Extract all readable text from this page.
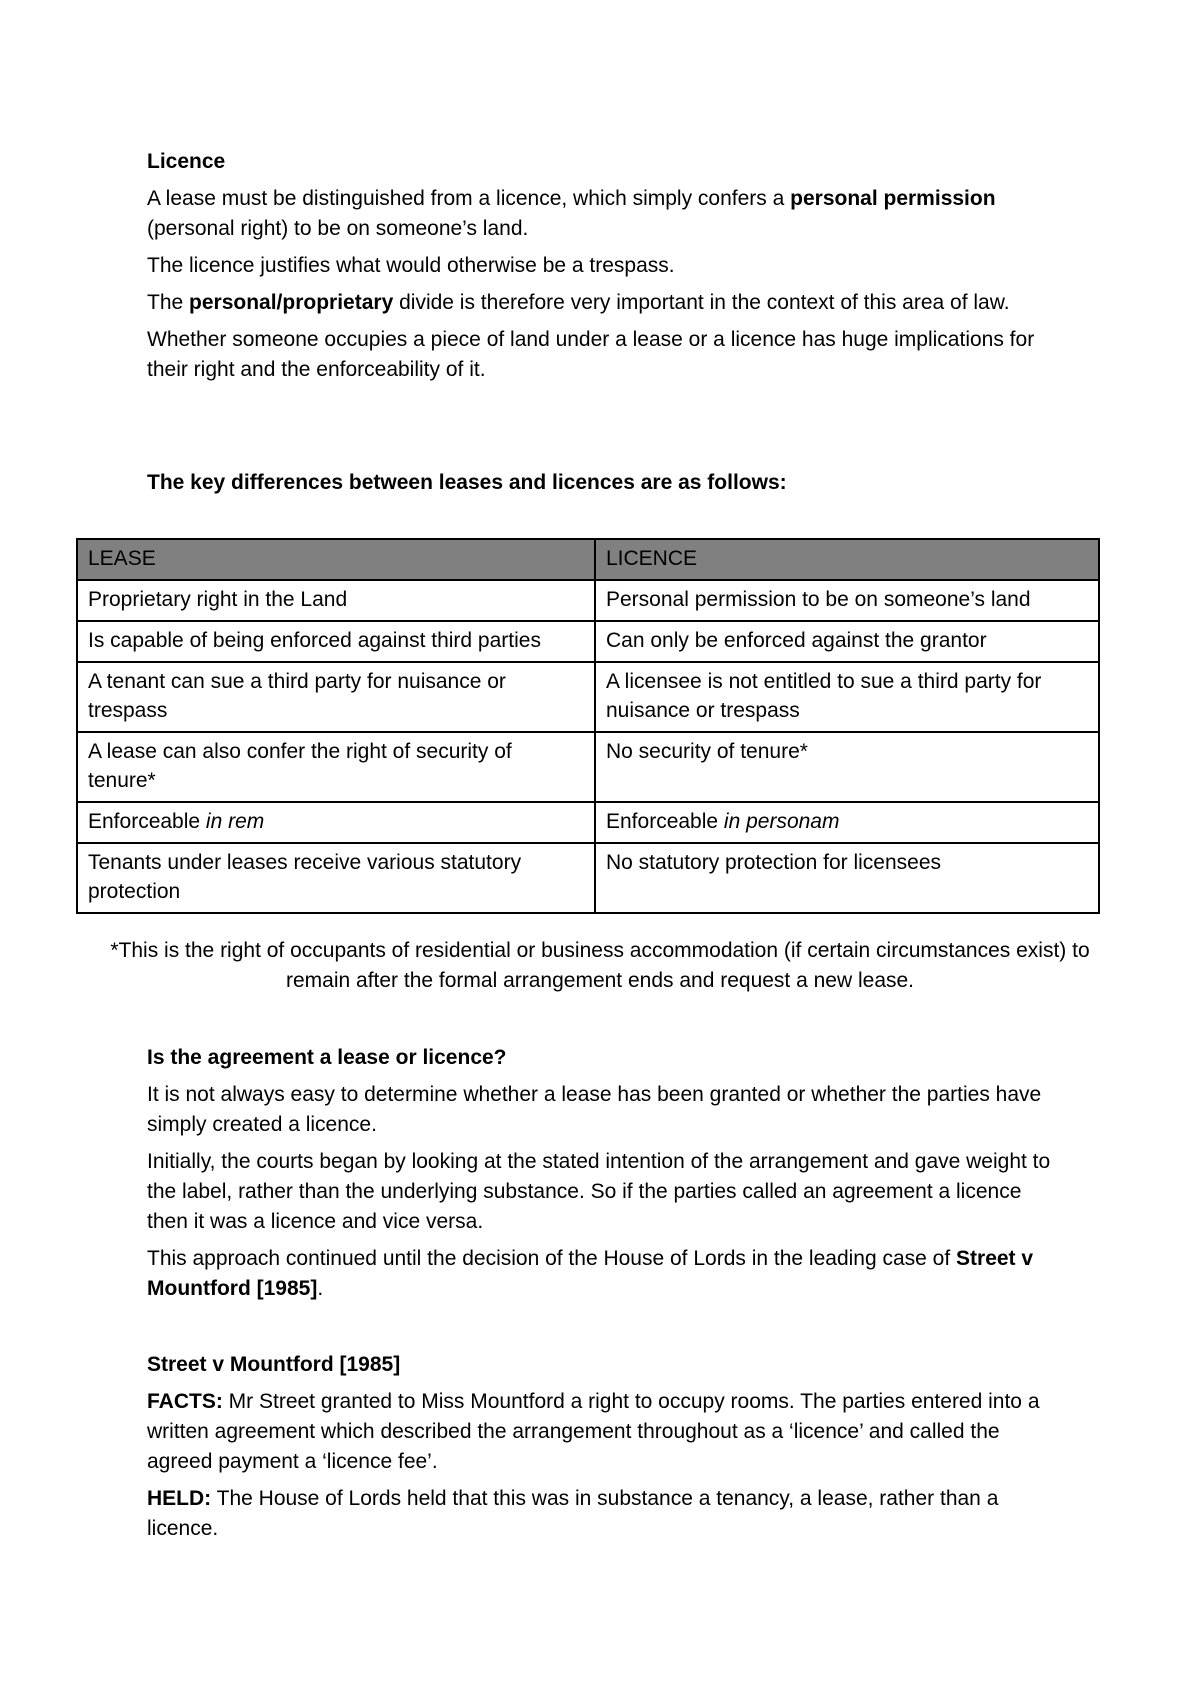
Licence

A lease must be distinguished from a licence, which simply confers a personal permission (personal right) to be on someone’s land.

The licence justifies what would otherwise be a trespass.

The personal/proprietary divide is therefore very important in the context of this area of law.

Whether someone occupies a piece of land under a lease or a licence has huge implications for their right and the enforceability of it.

The key differences between leases and licences are as follows:

LEASE	LICENCE
Proprietary right in the Land	Personal permission to be on someone’s land
Is capable of being enforced against third parties	Can only be enforced against the grantor
A tenant can sue a third party for nuisance or trespass	A licensee is not entitled to sue a third party for nuisance or trespass
A lease can also confer the right of security of tenure*	No security of tenure*
Enforceable in rem	Enforceable in personam
Tenants under leases receive various statutory protection	No statutory protection for licensees

*This is the right of occupants of residential or business accommodation (if certain circumstances exist) to remain after the formal arrangement ends and request a new lease.

Is the agreement a lease or licence?

It is not always easy to determine whether a lease has been granted or whether the parties have simply created a licence.

Initially, the courts began by looking at the stated intention of the arrangement and gave weight to the label, rather than the underlying substance. So if the parties called an agreement a licence then it was a licence and vice versa.

This approach continued until the decision of the House of Lords in the leading case of Street v Mountford [1985].

Street v Mountford [1985]

FACTS: Mr Street granted to Miss Mountford a right to occupy rooms. The parties entered into a written agreement which described the arrangement throughout as a ‘licence’ and called the agreed payment a ‘licence fee’.

HELD: The House of Lords held that this was in substance a tenancy, a lease, rather than a licence.
